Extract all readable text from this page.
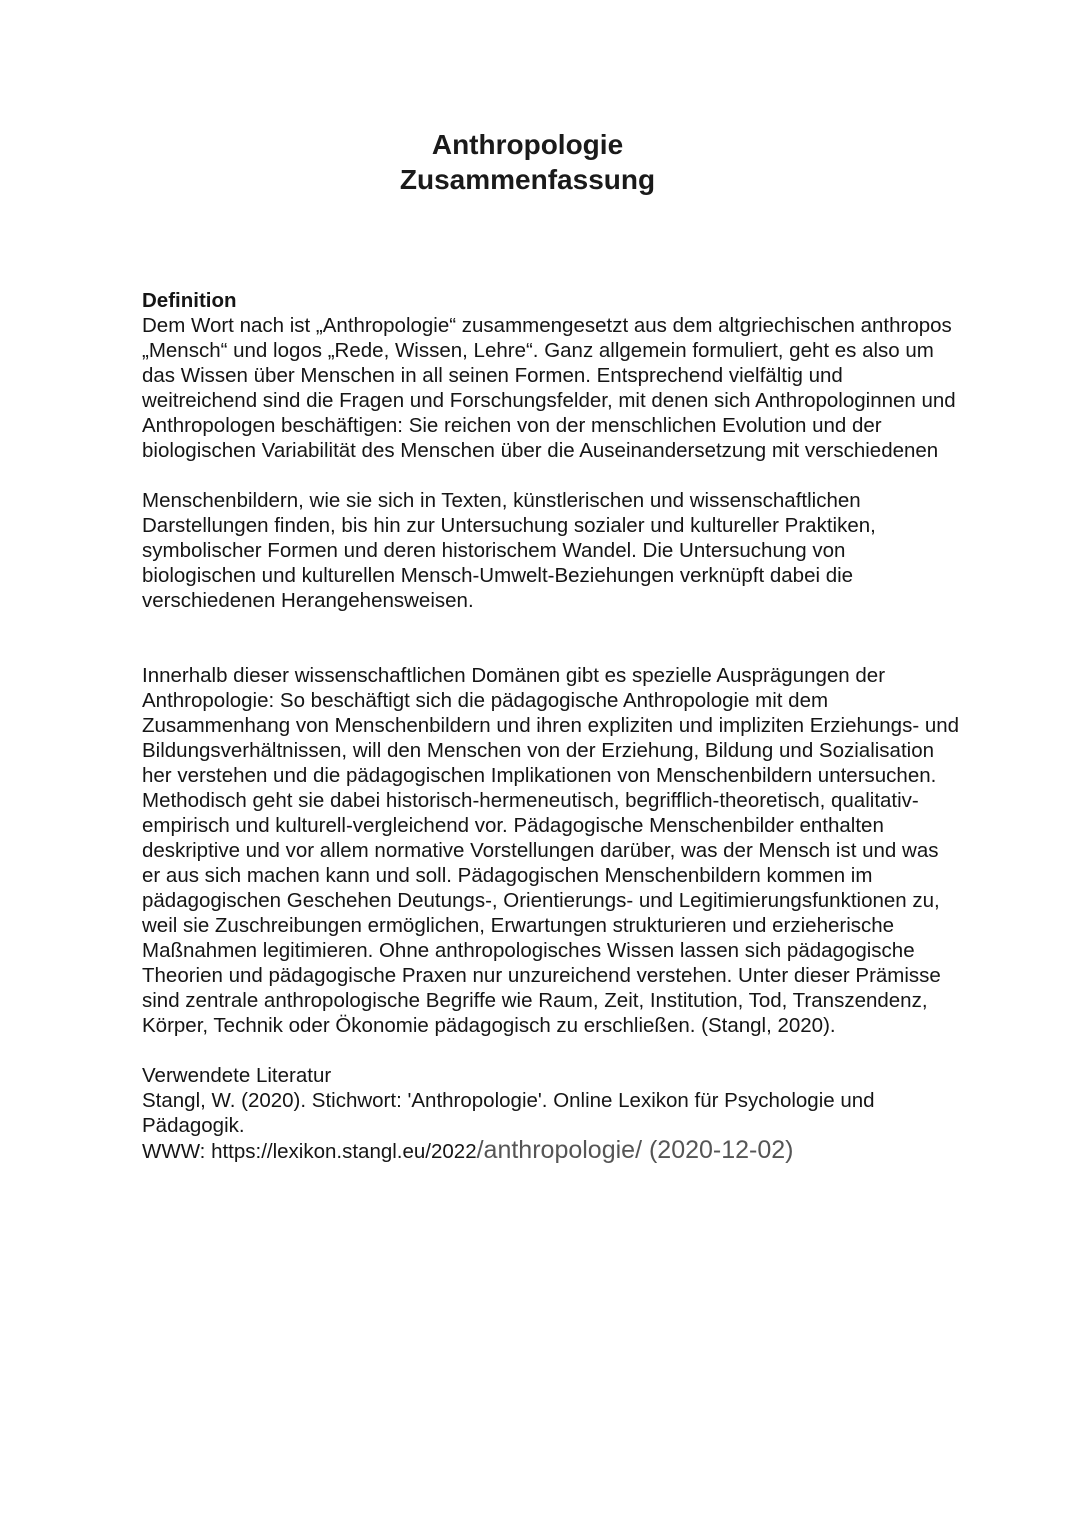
Anthropologie
Zusammenfassung
Definition

Dem Wort nach ist „Anthropologie“ zusammengesetzt aus dem altgriechischen anthropos „Mensch“ und logos „Rede, Wissen, Lehre“. Ganz allgemein formuliert, geht es also um das Wissen über Menschen in all seinen Formen. Entsprechend vielfältig und weitreichend sind die Fragen und Forschungsfelder, mit denen sich Anthropologinnen und Anthropologen beschäftigen: Sie reichen von der menschlichen Evolution und der biologischen Variabilität des Menschen über die Auseinandersetzung mit verschiedenen

Menschenbildern, wie sie sich in Texten, künstlerischen und wissenschaftlichen Darstellungen finden, bis hin zur Untersuchung sozialer und kultureller Praktiken, symbolischer Formen und deren historischem Wandel. Die Untersuchung von biologischen und kulturellen Mensch-Umwelt-Beziehungen verknüpft dabei die verschiedenen Herangehensweisen.

Innerhalb dieser wissenschaftlichen Domänen gibt es spezielle Ausprägungen der Anthropologie: So beschäftigt sich die pädagogische Anthropologie mit dem Zusammenhang von Menschenbildern und ihren expliziten und impliziten Erziehungs- und Bildungsverhältnissen, will den Menschen von der Erziehung, Bildung und Sozialisation her verstehen und die pädagogischen Implikationen von Menschenbildern untersuchen. Methodisch geht sie dabei historisch-hermeneutisch, begrifflich-theoretisch, qualitativ-empirisch und kulturell-vergleichend vor. Pädagogische Menschenbilder enthalten deskriptive und vor allem normative Vorstellungen darüber, was der Mensch ist und was er aus sich machen kann und soll. Pädagogischen Menschenbildern kommen im pädagogischen Geschehen Deutungs-, Orientierungs- und Legitimierungsfunktionen zu, weil sie Zuschreibungen ermöglichen, Erwartungen strukturieren und erzieherische Maßnahmen legitimieren. Ohne anthropologisches Wissen lassen sich pädagogische Theorien und pädagogische Praxen nur unzureichend verstehen. Unter dieser Prämisse sind zentrale anthropologische Begriffe wie Raum, Zeit, Institution, Tod, Transzendenz, Körper, Technik oder Ökonomie pädagogisch zu erschließen. (Stangl, 2020).

Verwendete Literatur

Stangl, W. (2020). Stichwort: 'Anthropologie'. Online Lexikon für Psychologie und Pädagogik.

WWW: https://lexikon.stangl.eu/2022/anthropologie/ (2020-12-02)
